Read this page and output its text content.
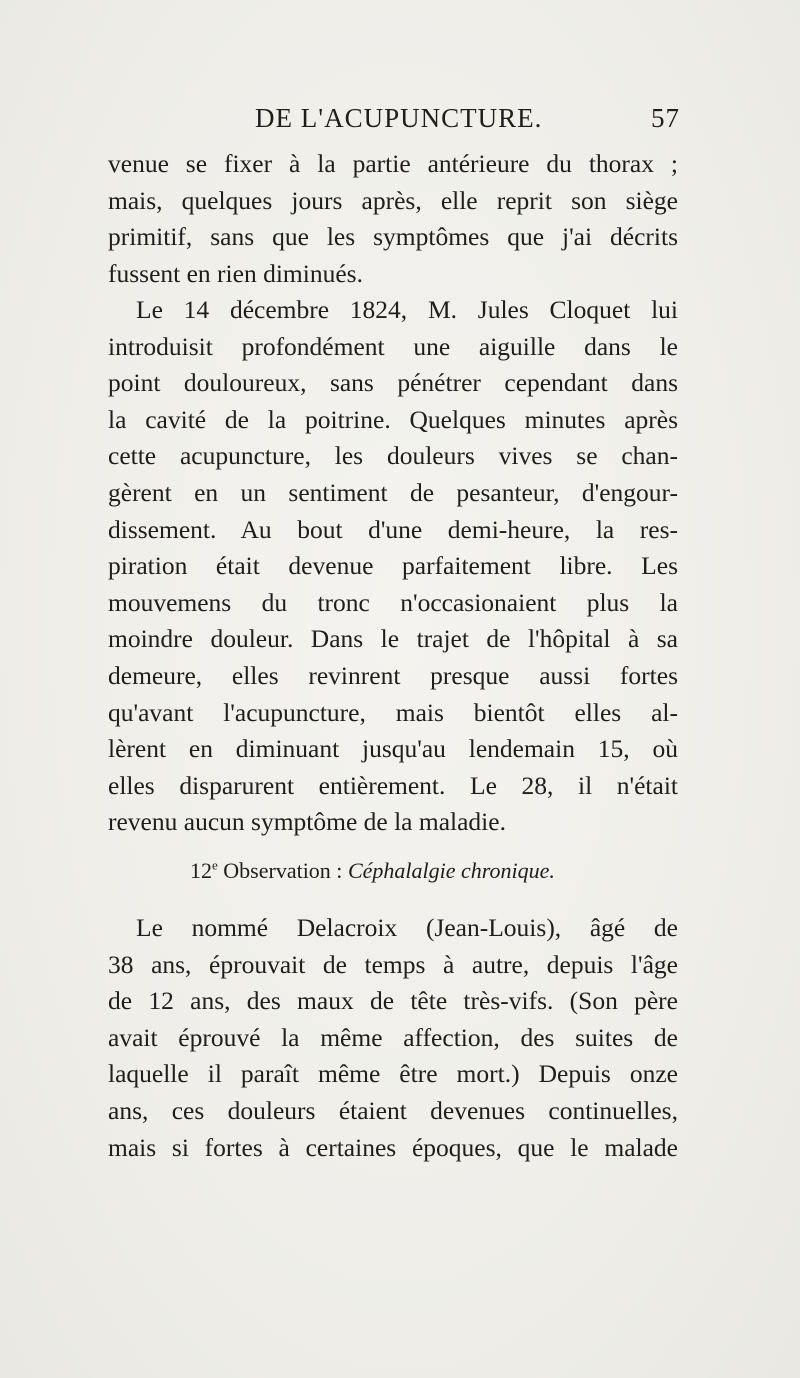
DE L'ACUPUNCTURE.	57
venue se fixer à la partie antérieure du thorax ;
mais, quelques jours après, elle reprit son siège
primitif, sans que les symptômes que j'ai décrits
fussent en rien diminués.
Le 14 décembre 1824, M. Jules Cloquet lui
introduisit profondément une aiguille dans le
point douloureux, sans pénétrer cependant dans
la cavité de la poitrine. Quelques minutes après
cette acupuncture, les douleurs vives se chan-
gèrent en un sentiment de pesanteur, d'engour-
dissement. Au bout d'une demi-heure, la res-
piration était devenue parfaitement libre. Les
mouvemens du tronc n'occasionaient plus la
moindre douleur. Dans le trajet de l'hôpital à sa
demeure, elles revinrent presque aussi fortes
qu'avant l'acupuncture, mais bientôt elles al-
lèrent en diminuant jusqu'au lendemain 15, où
elles disparurent entièrement. Le 28, il n'était
revenu aucun symptôme de la maladie.
12e Observation : Céphalalgie chronique.
Le nommé Delacroix (Jean-Louis), âgé de
38 ans, éprouvait de temps à autre, depuis l'âge
de 12 ans, des maux de tête très-vifs. (Son père
avait éprouvé la même affection, des suites de
laquelle il paraît même être mort.) Depuis onze
ans, ces douleurs étaient devenues continuelles,
mais si fortes à certaines époques, que le malade
